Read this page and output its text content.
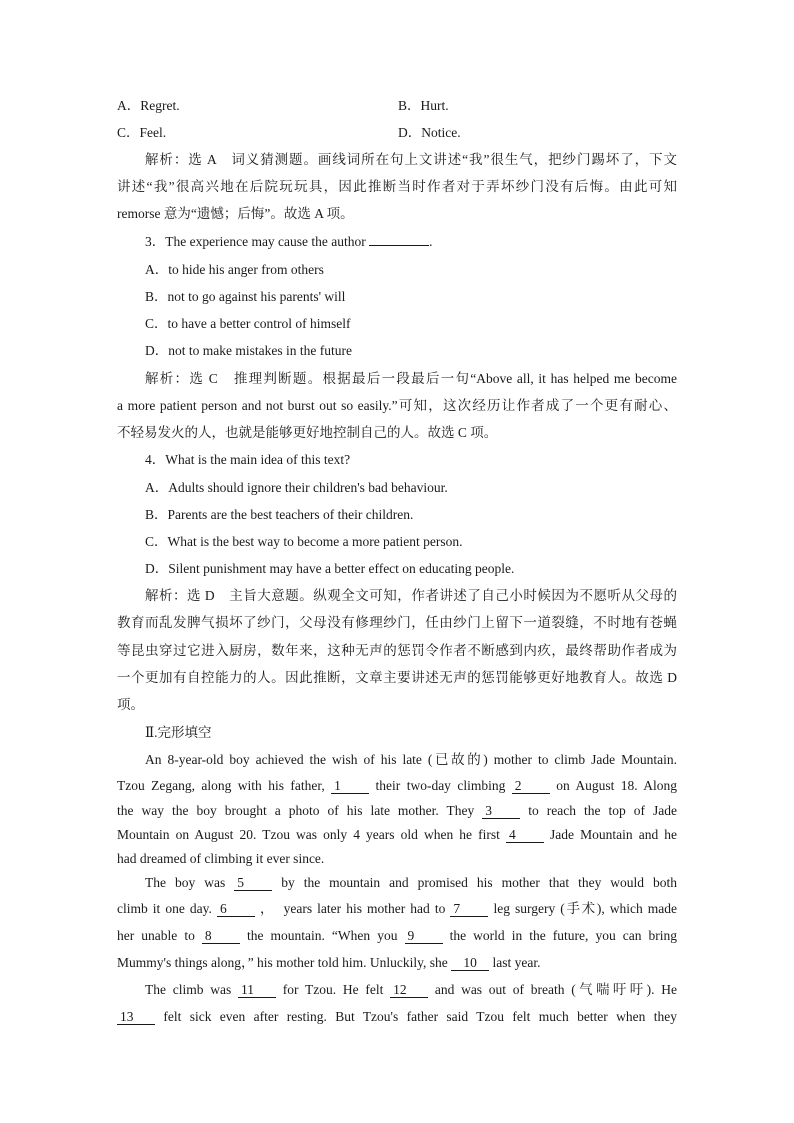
A．Regret.	B．Hurt.
C．Feel.	D．Notice.
解析：选 A　词义猜测题。画线词所在句上文讲述“我”很生气，把纱门踢坏了，下文
讲述“我”很高兴地在后院玩玩具，因此推断当时作者对于弄坏纱门没有后悔。由此可知
remorse 意为“遗憾；后悔”。故选 A 项。
3．The experience may cause the author	.
A．to hide his anger from others
B．not to go against his parents' will
C．to have a better control of himself
D．not to make mistakes in the future
解析：选 C　推理判断题。根据最后一段最后一句“Above all, it has helped me become
a more patient person and not burst out so easily.”可知，这次经历让作者成了一个更有耐心、
不轻易发火的人，也就是能够更好地控制自己的人。故选 C 项。
4．What is the main idea of this text?
A．Adults should ignore their children's bad behaviour.
B．Parents are the best teachers of their children.
C．What is the best way to become a more patient person.
D．Silent punishment may have a better effect on educating people.
解析：选 D　主旨大意题。纵观全文可知，作者讲述了自己小时候因为不愿听从父母的
教育而乱发脾气损坏了纱门，父母没有修理纱门，任由纱门上留下一道裂缝，不时地有苍蝇
等昆虫穿过它进入厨房，数年来，这种无声的惩罚令作者不断感到内疚，最终帮助作者成为
一个更加有自控能力的人。因此推断，文章主要讲述无声的惩罚能够更好地教育人。故选 D
项。
Ⅱ.完形填空
An 8-year-old boy achieved the wish of his late (已故的) mother to climb Jade Mountain.
Tzou Zegang, along with his father, 1	their two-day climbing 2	on August 18. Along
the way the boy brought a photo of his late mother. They 3	to reach the top of Jade
Mountain on August 20. Tzou was only 4 years old when he first 4	Jade Mountain and he
had dreamed of climbing it ever since.
The boy was 5	by the mountain and promised his mother that they would both
climb it one day. 6 ，　years later his mother had to 7 leg surgery (手术), which made
her unable to 8	the mountain. “When you 9	the world in the future, you can bring
Mummy's things along，” his mother told him. Unluckily, she 10 last year.
The climb was 11 for Tzou. He felt 12 and was out of breath (气喘吁吁). He
13 felt sick even after resting. But Tzou's father said Tzou felt much better when they
